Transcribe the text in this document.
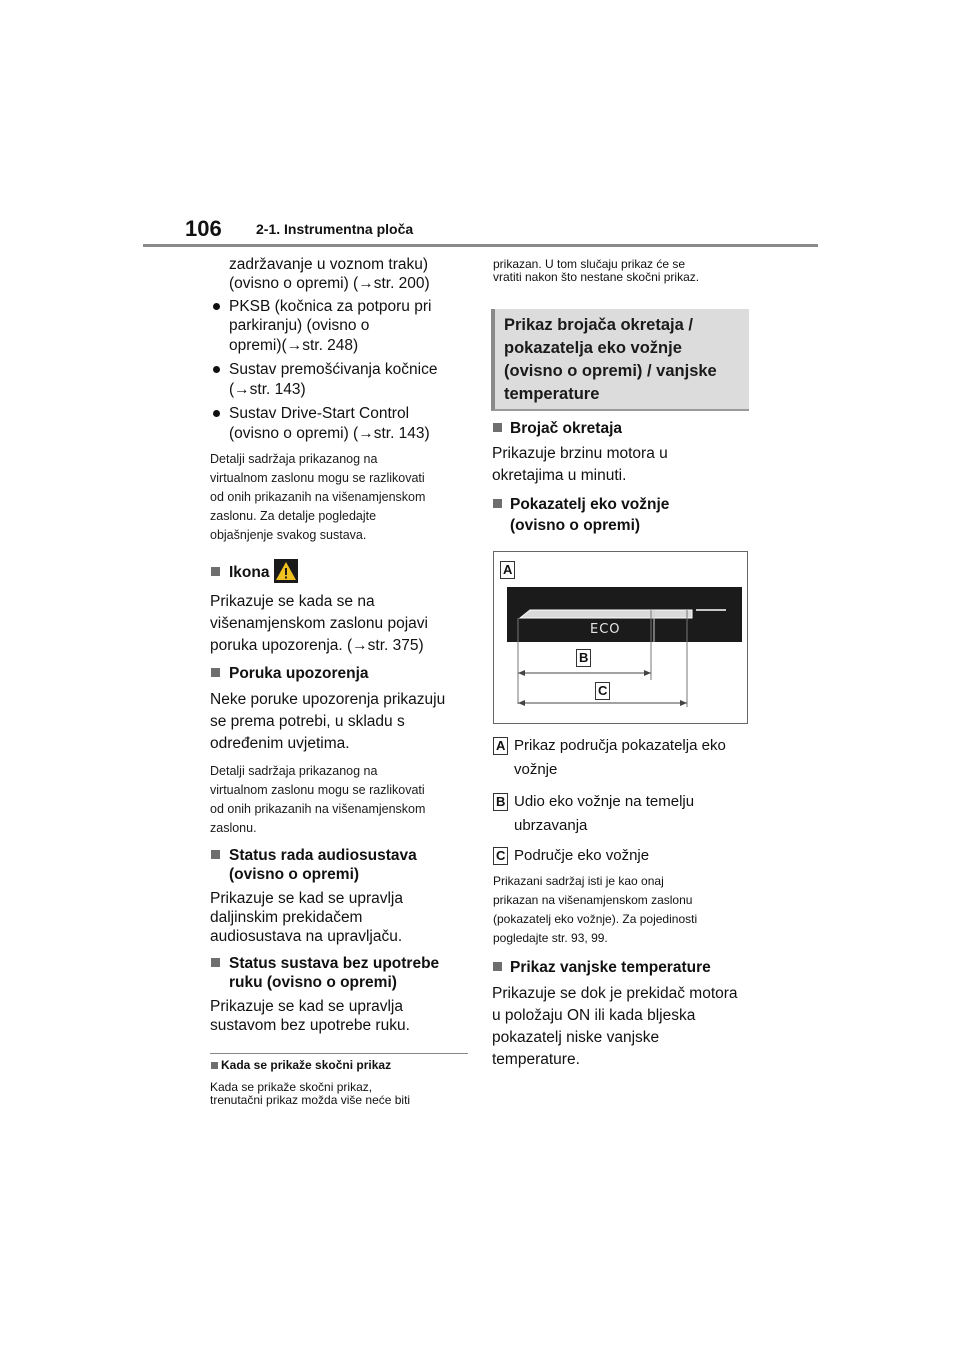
106 2-1. Instrumentna ploča
zadržavanje u voznom traku)
(ovisno o opremi) (→str. 200)
PKSB (kočnica za potporu pri
parkiranju) (ovisno o
opremi)(→str. 248)
Sustav premošćivanja kočnice
(→str. 143)
Sustav Drive-Start Control
(ovisno o opremi) (→str. 143)
Detalji sadržaja prikazanog na
virtualnom zaslonu mogu se razlikovati
od onih prikazanih na višenamjenskom
zaslonu. Za detalje pogledajte
objašnjenje svakog sustava.
Ikona
Prikazuje se kada se na
višenamjenskom zaslonu pojavi
poruka upozorenja. (→str. 375)
Poruka upozorenja
Neke poruke upozorenja prikazuju
se prema potrebi, u skladu s
određenim uvjetima.
Detalji sadržaja prikazanog na
virtualnom zaslonu mogu se razlikovati
od onih prikazanih na višenamjenskom
zaslonu.
Status rada audiosustava
(ovisno o opremi)
Prikazuje se kad se upravlja
daljinskim prekidačem
audiosustava na upravljaču.
Status sustava bez upotrebe
ruku (ovisno o opremi)
Prikazuje se kad se upravlja
sustavom bez upotrebe ruku.
Kada se prikaže skočni prikaz
Kada se prikaže skočni prikaz,
trenutačni prikaz možda više neće biti
prikazan. U tom slučaju prikaz će se
vratiti nakon što nestane skočni prikaz.
Prikaz brojača okretaja /
pokazatelja eko vožnje
(ovisno o opremi) / vanjske
temperature
Brojač okretaja
Prikazuje brzinu motora u
okretajima u minuti.
Pokazatelj eko vožnje
(ovisno o opremi)
ECO
A
B
C
A Prikaz područja pokazatelja eko
vožnje
B Udio eko vožnje na temelju
ubrzavanja
C Područje eko vožnje
Prikazani sadržaj isti je kao onaj
prikazan na višenamjenskom zaslonu
(pokazatelj eko vožnje). Za pojedinosti
pogledajte str. 93, 99.
Prikaz vanjske temperature
Prikazuje se dok je prekidač motora
u položaju ON ili kada bljeska
pokazatelj niske vanjske
temperature.
